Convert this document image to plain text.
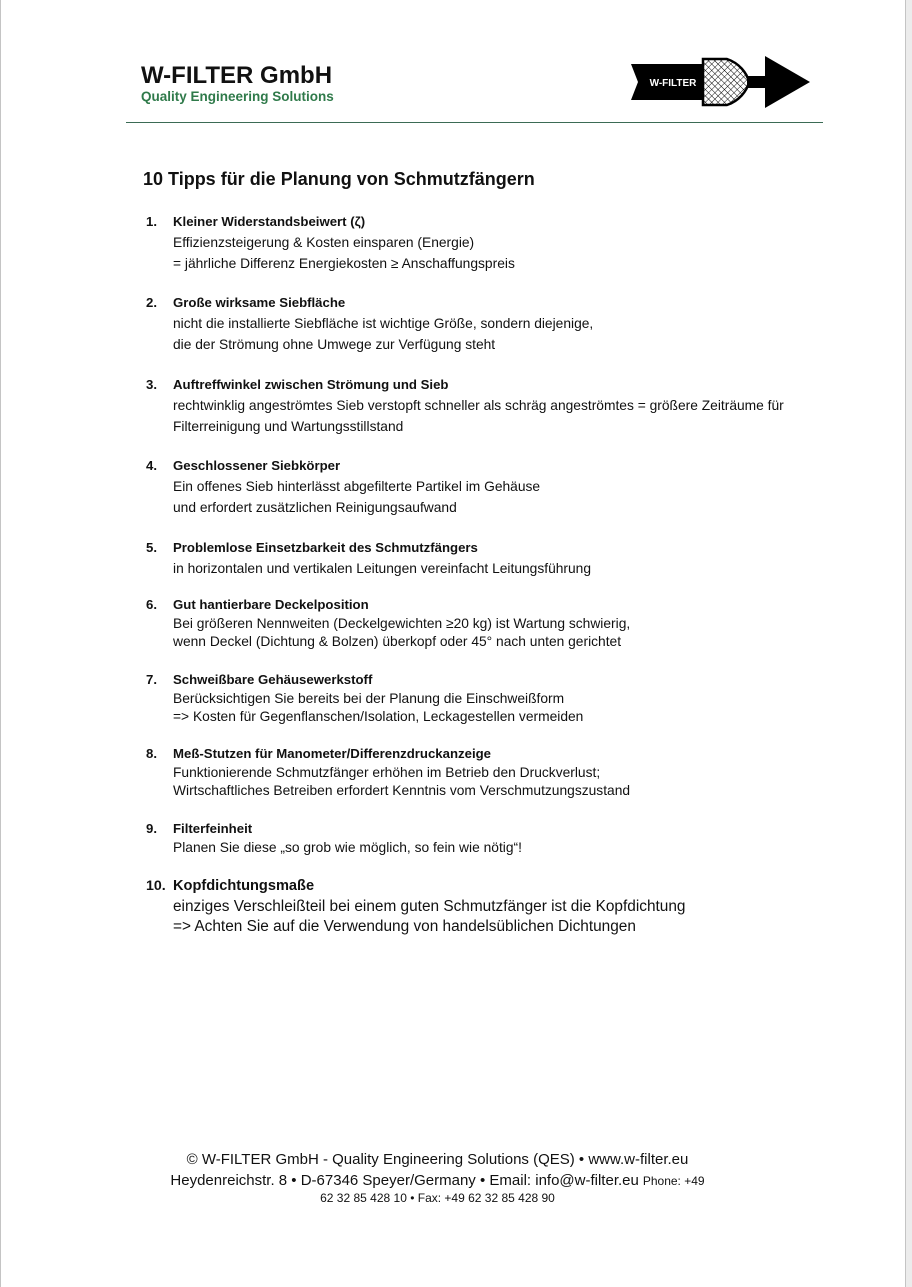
W-FILTER GmbH
Quality Engineering Solutions
W-FILTER
10 Tipps für die Planung von Schmutzfängern
1. Kleiner Widerstandsbeiwert (ζ)
Effizienzsteigerung & Kosten einsparen (Energie)
= jährliche Differenz Energiekosten ≥ Anschaffungspreis
2. Große wirksame Siebfläche
nicht die installierte Siebfläche ist wichtige Größe, sondern diejenige,
die der Strömung ohne Umwege zur Verfügung steht
3. Auftreffwinkel zwischen Strömung und Sieb
rechtwinklig angeströmtes Sieb verstopft schneller als schräg angeströmtes = größere Zeiträume für
Filterreinigung und Wartungsstillstand
4. Geschlossener Siebkörper
Ein offenes Sieb hinterlässt abgefilterte Partikel im Gehäuse
und erfordert zusätzlichen Reinigungsaufwand
5. Problemlose Einsetzbarkeit des Schmutzfängers
in horizontalen und vertikalen Leitungen vereinfacht Leitungsführung
6. Gut hantierbare Deckelposition
Bei größeren Nennweiten (Deckelgewichten ≥20 kg) ist Wartung schwierig,
wenn Deckel (Dichtung & Bolzen) überkopf oder 45° nach unten gerichtet
7. Schweißbare Gehäusewerkstoff
Berücksichtigen Sie bereits bei der Planung die Einschweißform
=> Kosten für Gegenflanschen/Isolation, Leckagestellen vermeiden
8. Meß-Stutzen für Manometer/Differenzdruckanzeige
Funktionierende Schmutzfänger erhöhen im Betrieb den Druckverlust;
Wirtschaftliches Betreiben erfordert Kenntnis vom Verschmutzungszustand
9. Filterfeinheit
Planen Sie diese „so grob wie möglich, so fein wie nötig“!
10. Kopfdichtungsmaße
einziges Verschleißteil bei einem guten Schmutzfänger ist die Kopfdichtung
=> Achten Sie auf die Verwendung von handelsüblichen Dichtungen
© W-FILTER GmbH - Quality Engineering Solutions (QES) • www.w-filter.eu
Heydenreichstr. 8 • D-67346 Speyer/Germany • Email: info@w-filter.eu Phone: +49
62 32 85 428 10 • Fax: +49 62 32 85 428 90
